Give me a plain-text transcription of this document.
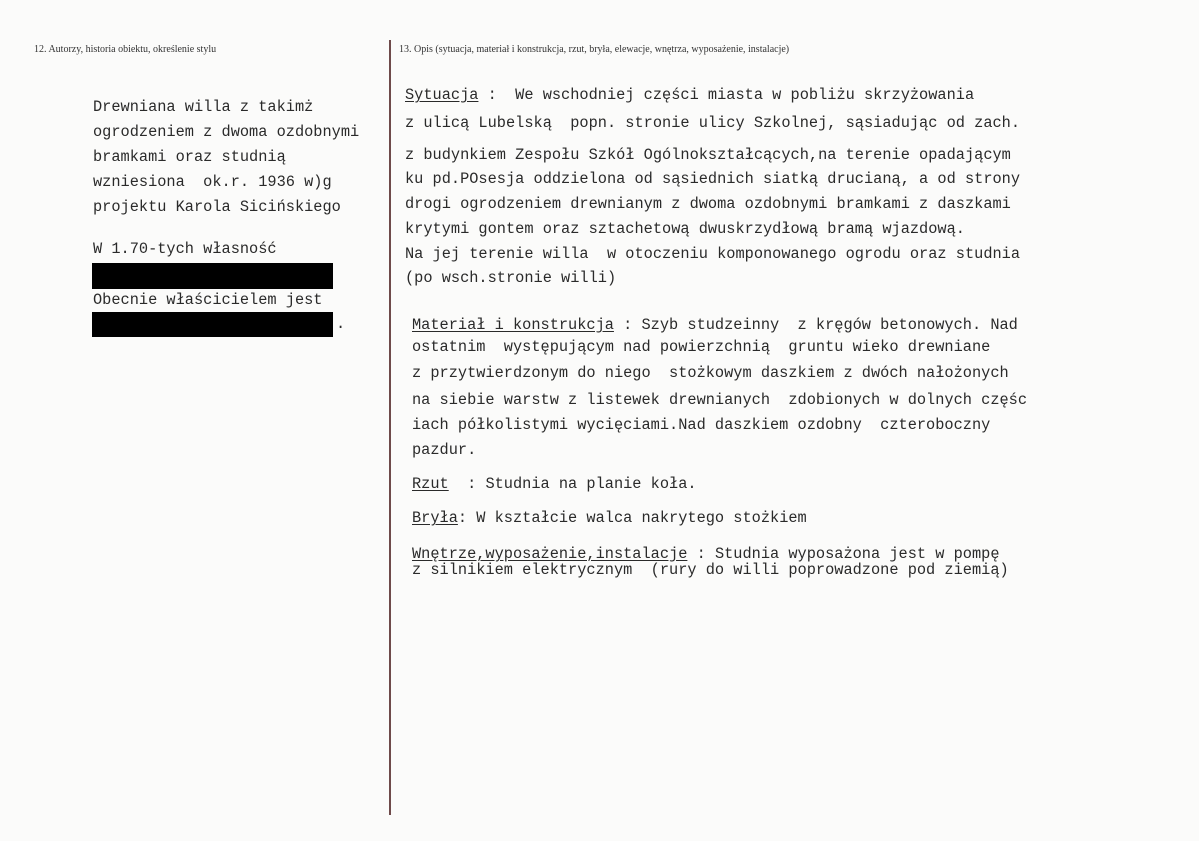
12. Autorzy, historia obiektu, określenie stylu	13. Opis (sytuacja, materiał i konstrukcja, rzut, bryła, elewacje, wnętrza, wyposażenie, instalacje)
Drewniana willa z takimż
ogrodzeniem z dwoma ozdobnymi
bramkami oraz studnią
wzniesiona  ok.r. 1936 w)g
projektu Karola Sicińskiego
W 1.70-tych własność
Obecnie właścicielem jest
.
Sytuacja :  We wschodniej części miasta w pobliżu skrzyżowania
z ulicą Lubelską  popn. stronie ulicy Szkolnej, sąsiadując od zach.
z budynkiem Zespołu Szkół Ogólnokształcących,na terenie opadającym
ku pd.POsesja oddzielona od sąsiednich siatką drucianą, a od strony
drogi ogrodzeniem drewnianym z dwoma ozdobnymi bramkami z daszkami
krytymi gontem oraz sztachetową dwuskrzydłową bramą wjazdową.
Na jej terenie willa  w otoczeniu komponowanego ogrodu oraz studnia
(po wsch.stronie willi)
Materiał i konstrukcja : Szyb studzeinny  z kręgów betonowych. Nad
ostatnim  występującym nad powierzchnią  gruntu wieko drewniane
z przytwierdzonym do niego  stożkowym daszkiem z dwóch nałożonych
na siebie warstw z listewek drewnianych  zdobionych w dolnych częśc
iach półkolistymi wycięciami.Nad daszkiem ozdobny  czteroboczny
pazdur.
Rzut  : Studnia na planie koła.
Bryła: W kształcie walca nakrytego stożkiem
Wnętrze,wyposażenie,instalacje : Studnia wyposażona jest w pompę
z silnikiem elektrycznym  (rury do willi poprowadzone pod ziemią)
